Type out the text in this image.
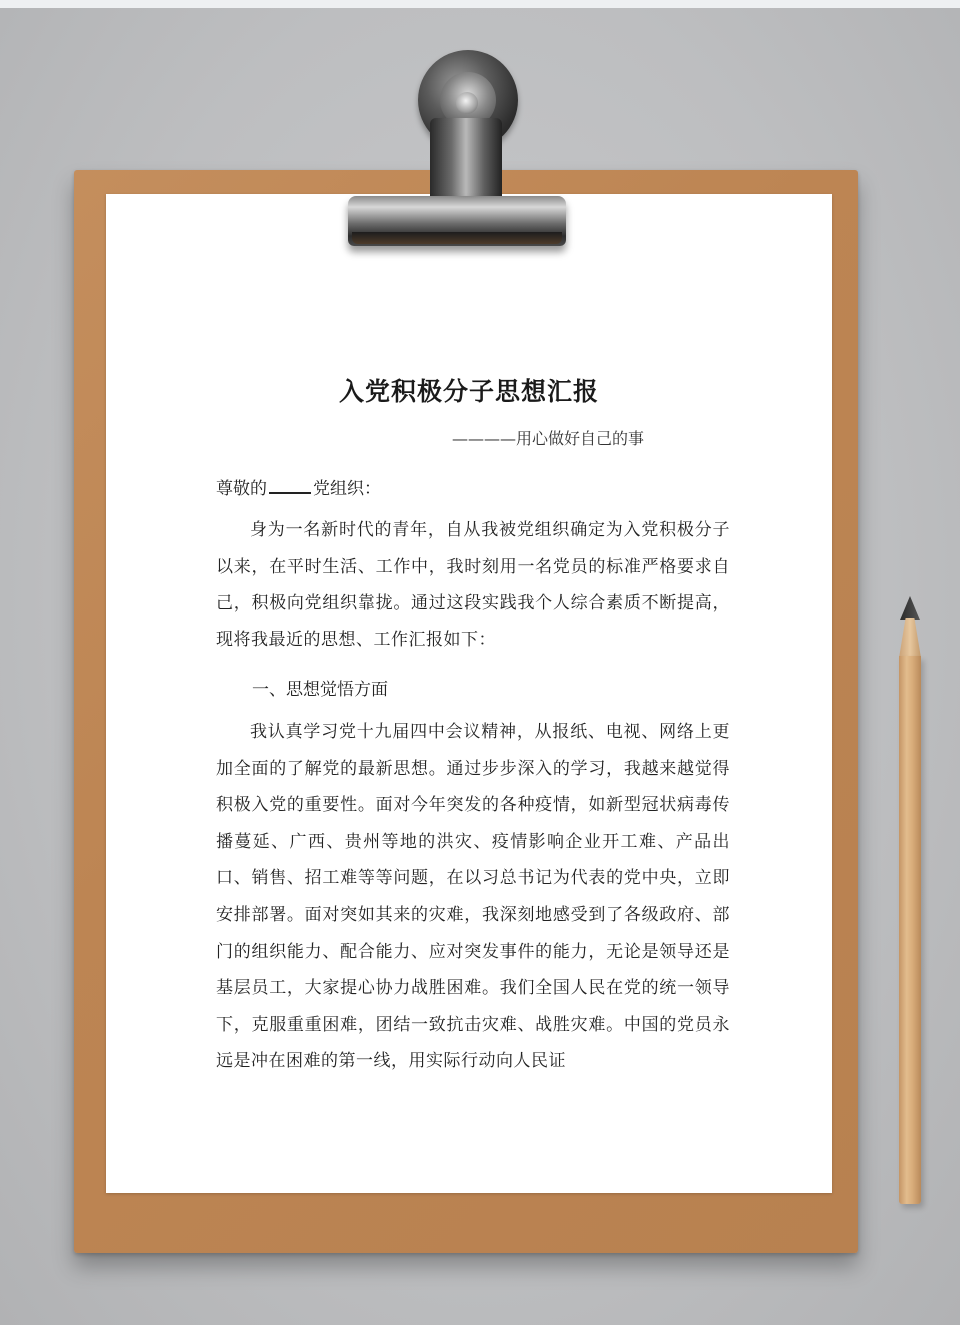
入党积极分子思想汇报
————用心做好自己的事
尊敬的	党组织：
身为一名新时代的青年，自从我被党组织确定为入党积极分子以来，在平时生活、工作中，我时刻用一名党员的标准严格要求自己，积极向党组织靠拢。通过这段实践我个人综合素质不断提高，现将我最近的思想、工作汇报如下：
一、思想觉悟方面
我认真学习党十九届四中会议精神，从报纸、电视、网络上更加全面的了解党的最新思想。通过步步深入的学习，我越来越觉得积极入党的重要性。面对今年突发的各种疫情，如新型冠状病毒传播蔓延、广西、贵州等地的洪灾、疫情影响企业开工难、产品出口、销售、招工难等等问题，在以习总书记为代表的党中央，立即安排部署。面对突如其来的灾难，我深刻地感受到了各级政府、部门的组织能力、配合能力、应对突发事件的能力，无论是领导还是基层员工，大家提心协力战胜困难。我们全国人民在党的统一领导下，克服重重困难，团结一致抗击灾难、战胜灾难。中国的党员永远是冲在困难的第一线，用实际行动向人民证
